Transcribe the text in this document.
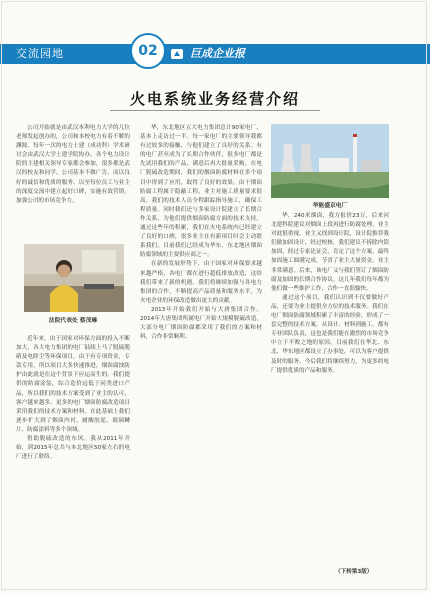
交流园地	02	巨成企业报
火电系统业务经营介绍

公司开始就是由武汉本利电力大学的几位老师发起创办的，公司和本校电力有着不解的渊源。每年一次的电力士建（成功科）学术研讨会由武汉大学土建学院协办，各个电力设计院的主建相关领导专家都会参加，很多都是武汉的校友和同学。公司基本不做广告，而以良好的诚信和优质的服务、以至每位员工与业主的深度交流中建立起好口碑，实施有效营销。加强公司的市场竞争力。

法院代表处 蔡茂琳

近年来，由于国家对环保方面的投入不断加大，各大电力集团的电厂陆续上马了脱硫脱硝及电除尘等环保项目，由于有专项资金，专款专用，所以项目大多快速推进，烟囱腐蚀防护由此就是在这个背景下应运而生的。我们提供的防腐涂装，综合造价远低于同类进口产品，所以我们的技术方案受到了业主的认可，客户越来越多。更多的电厂烟囱防腐改造项目采用我们的技术方案和材料。在此基础上我们逐步扩大到了烟囱内衬、耐酸胶泥、玻璃鳞片、防腐涂料等多个领域。

借助脱硫改造的东风，我从2011年开始，到2015年总共与本北地区50家左右的电厂进行了联络。

华，东北地区五大电力集团总计90家电厂，基本上走访过一半。每一家电厂的主要领导我都有过较多的接触，与他们建立了良好的关系。有的电厂甚至成为了长期合作伙伴，很多电厂都是先试用我们的产品，满意后再大批量采购。在电厂脱硫改造期间，我们的烟囱防腐材料在多个项目中得到了应用，取得了良好的效果。由于烟囱防腐工程属于隐蔽工程，业主对施工质量要求很高，我们的技术人员全程跟踪指导施工，确保工程质量。同时我们还与多家设计院建立了长期合作关系，为他们提供烟囱防腐方面的技术支持。通过这些年的积累，我们在火电系统内已经建立了良好的口碑，很多业主在有新项目时会主动联系我们。目前我们已经成为华东、东北地区烟囱防腐领域的主要供应商之一。

在新的发展形势下，由于国家对环保要求越来越严格，各电厂都在进行超低排放改造，这给我们带来了新的机遇。我们将继续加强与各电力集团的合作，不断提高产品质量和服务水平，为火电企业的环保改造做出更大的贡献。

2013年开始我们开始与大唐集团合作。2014年大唐集团所属电厂开始大规模脱硫改造，大部分电厂烟囱防腐都采用了我们的方案和材料，合作非常顺利。

华能盛京电厂

华，240米烟囱，我方报价23万，后来河北建科院建议对烟囱上段再进行防腐处理，业主对此很重视，业主又找到设计院，设计院推荐我们做加固设计，经过校核，我们建议不拆除内筒加固，经过专家论证会，肯定了这个方案，最终加固施工圆满完成，节省了业主大量资金，业主非常满意。后来，该电厂又与我们签订了烟囱防腐及加固的长期合作协议。这几年我们每年都为他们做一些维护工作，合作一直很愉快。

通过这个项目，我们认识到不仅要做好产品，还要为业主提供全方位的技术服务。我们在电厂烟囱防腐领域积累了丰富的经验，形成了一套完整的技术方案，从设计、材料到施工，都有专业团队负责，这也是我们能在激烈的市场竞争中立于不败之地的原因。目前我们在华北、东北、华东地区都设立了办事处，可以为客户提供及时的服务。今后我们将继续努力，为更多的电厂提供优质的产品和服务。

（下转第3版）
